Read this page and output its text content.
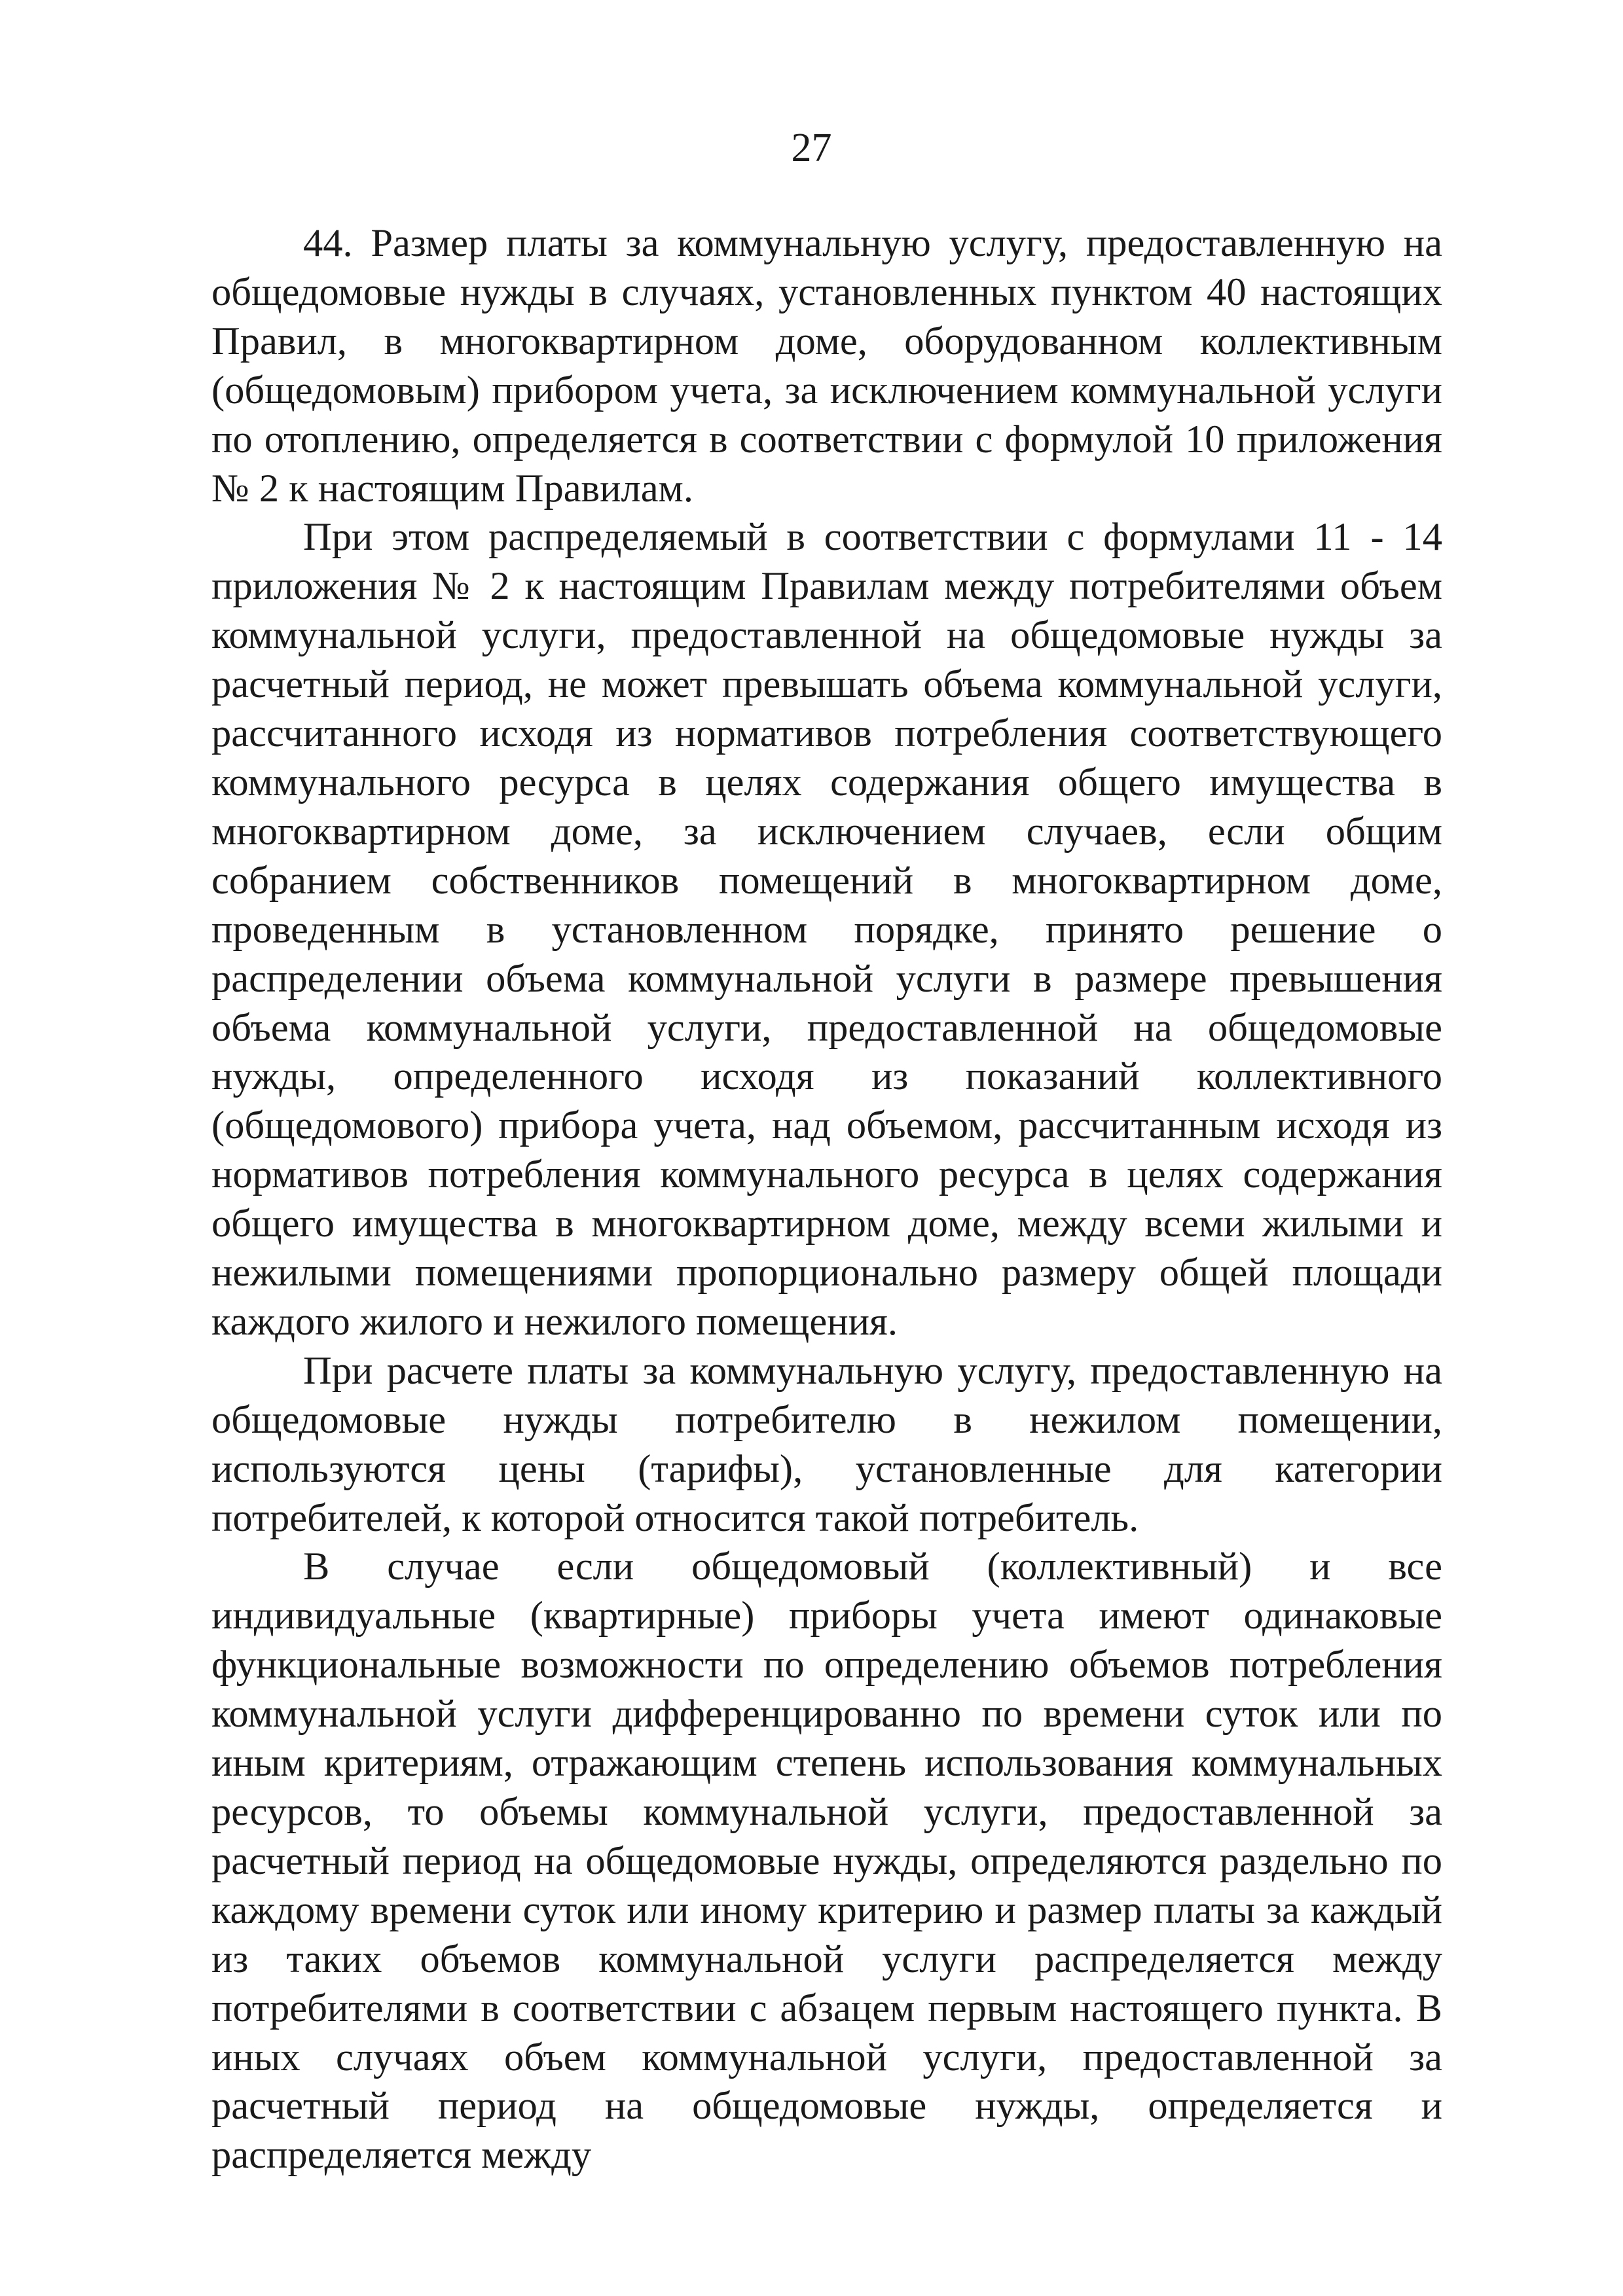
27

44. Размер платы за коммунальную услугу, предоставленную на общедомовые нужды в случаях, установленных пунктом 40 настоящих Правил, в многоквартирном доме, оборудованном коллективным (общедомовым) прибором учета, за исключением коммунальной услуги по отоплению, определяется в соответствии с формулой 10 приложения № 2 к настоящим Правилам.

При этом распределяемый в соответствии с формулами 11 - 14 приложения № 2 к настоящим Правилам между потребителями объем коммунальной услуги, предоставленной на общедомовые нужды за расчетный период, не может превышать объема коммунальной услуги, рассчитанного исходя из нормативов потребления соответствующего коммунального ресурса в целях содержания общего имущества в многоквартирном доме, за исключением случаев, если общим собранием собственников помещений в многоквартирном доме, проведенным в установленном порядке, принято решение о распределении объема коммунальной услуги в размере превышения объема коммунальной услуги, предоставленной на общедомовые нужды, определенного исходя из показаний коллективного (общедомового) прибора учета, над объемом, рассчитанным исходя из нормативов потребления коммунального ресурса в целях содержания общего имущества в многоквартирном доме, между всеми жилыми и нежилыми помещениями пропорционально размеру общей площади каждого жилого и нежилого помещения.

При расчете платы за коммунальную услугу, предоставленную на общедомовые нужды потребителю в нежилом помещении, используются цены (тарифы), установленные для категории потребителей, к которой относится такой потребитель.

В случае если общедомовый (коллективный) и все индивидуальные (квартирные) приборы учета имеют одинаковые функциональные возможности по определению объемов потребления коммунальной услуги дифференцированно по времени суток или по иным критериям, отражающим степень использования коммунальных ресурсов, то объемы коммунальной услуги, предоставленной за расчетный период на общедомовые нужды, определяются раздельно по каждому времени суток или иному критерию и размер платы за каждый из таких объемов коммунальной услуги распределяется между потребителями в соответствии с абзацем первым настоящего пункта. В иных случаях объем коммунальной услуги, предоставленной за расчетный период на общедомовые нужды, определяется и распределяется между
